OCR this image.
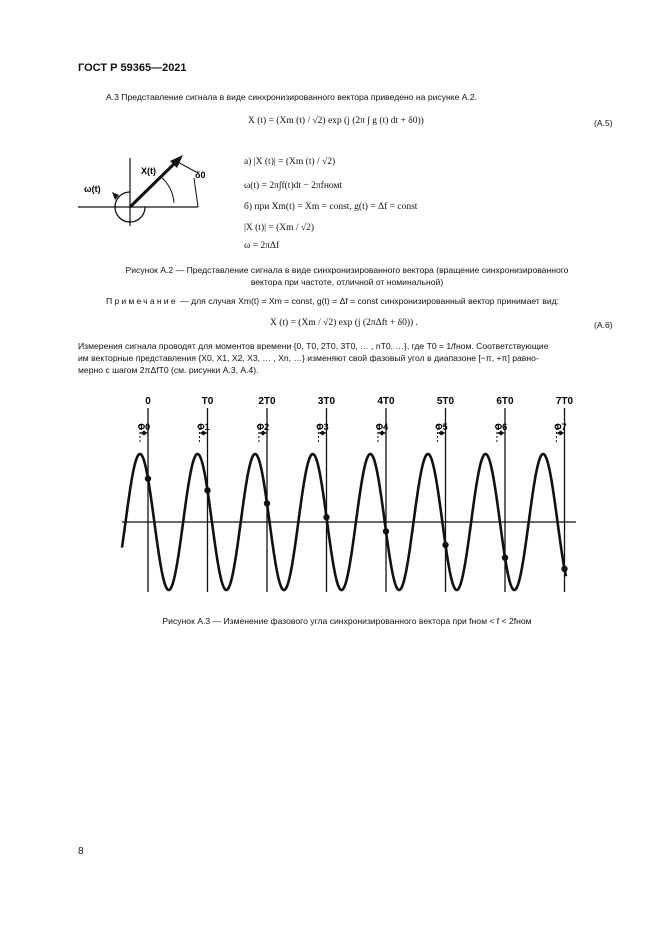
ГОСТ Р 59365—2021
А.3 Представление сигнала в виде синхронизированного вектора приведено на рисунке А.2.
X (t) = (Xm (t) / √2) exp (j (2π ∫ g (t) dt + δ0))	(А.5)
X(t)
ω(t)
δ0
а) |X (t)| = (Xm (t) / √2)
ω(t) = 2π∫f(t)dt − 2πfномt
б) при Xm(t) = Xm = const, g(t) = Δf = const
|X (t)| = (Xm / √2)
ω = 2πΔf
Рисунок А.2 — Представление сигнала в виде синхронизированного вектора (вращение синхронизированного
вектора при частоте, отличной от номинальной)
Примечание — для случая Xm(t) = Xm = const, g(t) = Δf = const синхронизированный вектор принимает вид:
X (t) = (Xm / √2) exp (j (2πΔft + δ0)) .	(А.6)
Измерения сигнала проводят для моментов времени {0, T0, 2T0, 3T0, … , nT0, …}, где T0 = 1/fном. Соответствующие
им векторные представления {X0, X1, X2, X3, … , Xn, …} изменяют свой фазовый угол в диапазоне [−π, +π] равно-
мерно с шагом 2πΔfT0 (см. рисунки А.3, А.4).
0
Φ0
T0
Φ1
2T0
Φ2
3T0
Φ3
4T0
Φ4
5T0
Φ5
6T0
Φ6
7T0
Φ7
Рисунок А.3 — Изменение фазового угла синхронизированного вектора при fном < f < 2fном
8
